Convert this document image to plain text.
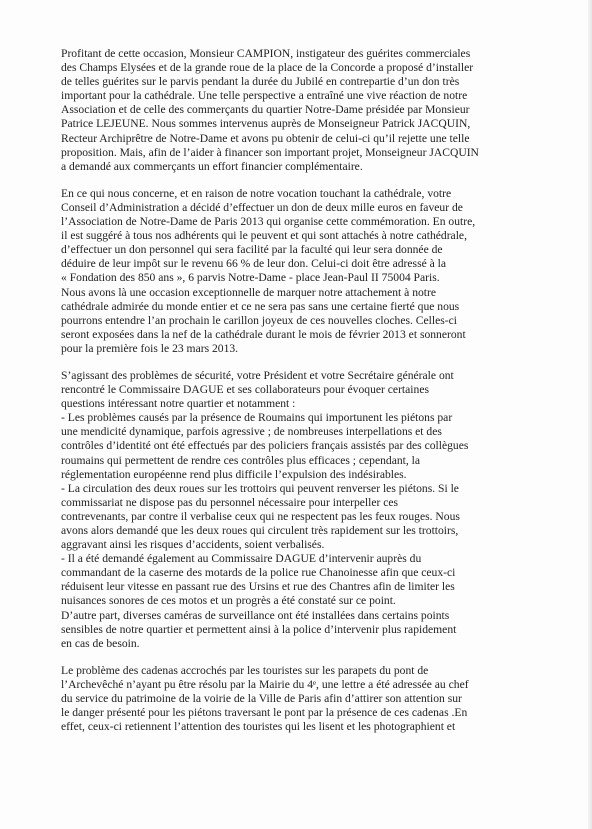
Profitant de cette occasion, Monsieur CAMPION, instigateur des guérites commerciales
des Champs Elysées et de la grande roue de la place de la Concorde a proposé d’installer
de telles guérites sur le parvis pendant la durée du Jubilé en contrepartie d’un don très
important pour la cathédrale. Une telle perspective a entraîné une vive réaction de notre
Association et de celle des commerçants du quartier Notre-Dame présidée par Monsieur
Patrice LEJEUNE. Nous sommes intervenus auprès de Monseigneur Patrick JACQUIN,
Recteur Archiprêtre de Notre-Dame et avons pu obtenir de celui-ci qu’il rejette une telle
proposition. Mais, afin de l’aider à financer son important projet, Monseigneur JACQUIN
a demandé aux commerçants un effort financier complémentaire.
En ce qui nous concerne, et en raison de notre vocation touchant la cathédrale, votre
Conseil d’Administration a décidé d’effectuer un don de deux mille euros en faveur de
l’Association de Notre-Dame de Paris 2013 qui organise cette commémoration. En outre,
il est suggéré à tous nos adhérents qui le peuvent et qui sont attachés à notre cathédrale,
d’effectuer un don personnel qui sera facilité par la faculté qui leur sera donnée de
déduire de leur impôt sur le revenu 66 % de leur don. Celui-ci doit être adressé à la
« Fondation des 850 ans », 6 parvis Notre-Dame - place Jean-Paul II 75004 Paris.
Nous avons là une occasion exceptionnelle de marquer notre attachement à notre
cathédrale admirée du monde entier et ce ne sera pas sans une certaine fierté que nous
pourrons entendre l’an prochain le carillon joyeux de ces nouvelles cloches. Celles-ci
seront exposées dans la nef de la cathédrale durant le mois de février 2013 et sonneront
pour la première fois le 23 mars 2013.
S’agissant des problèmes de sécurité, votre Président et votre Secrétaire générale ont
rencontré le Commissaire DAGUE et ses collaborateurs pour évoquer certaines
questions intéressant notre quartier et notamment :
- Les problèmes causés par la présence de Roumains qui importunent les piétons par
une mendicité dynamique, parfois agressive ; de nombreuses interpellations et des
contrôles d’identité ont été effectués par des policiers français assistés par des collègues
roumains qui permettent de rendre ces contrôles plus efficaces ; cependant, la
réglementation européenne rend plus difficile l’expulsion des indésirables.
- La circulation des deux roues sur les trottoirs qui peuvent renverser les piétons. Si le
commissariat ne dispose pas du personnel nécessaire pour interpeller ces
contrevenants, par contre il verbalise ceux qui ne respectent pas les feux rouges. Nous
avons alors demandé que les deux roues qui circulent très rapidement sur les trottoirs,
aggravant ainsi les risques d’accidents, soient verbalisés.
- Il a été demandé également au Commissaire DAGUE d’intervenir auprès du
commandant de la caserne des motards de la police rue Chanoinesse afin que ceux-ci
réduisent leur vitesse en passant rue des Ursins et rue des Chantres afin de limiter les
nuisances sonores de ces motos et un progrès a été constaté sur ce point.
D’autre part, diverses caméras de surveillance ont été installées dans certains points
sensibles de notre quartier et permettent ainsi à la police d’intervenir plus rapidement
en cas de besoin.
Le problème des cadenas accrochés par les touristes sur les parapets du pont de
l’Archevêché n’ayant pu être résolu par la Mairie du 4ᵉ, une lettre a été adressée au chef
du service du patrimoine de la voirie de la Ville de Paris afin d’attirer son attention sur
le danger présenté pour les piétons traversant le pont par la présence de ces cadenas .En
effet, ceux-ci retiennent l’attention des touristes qui les lisent et les photographient et
